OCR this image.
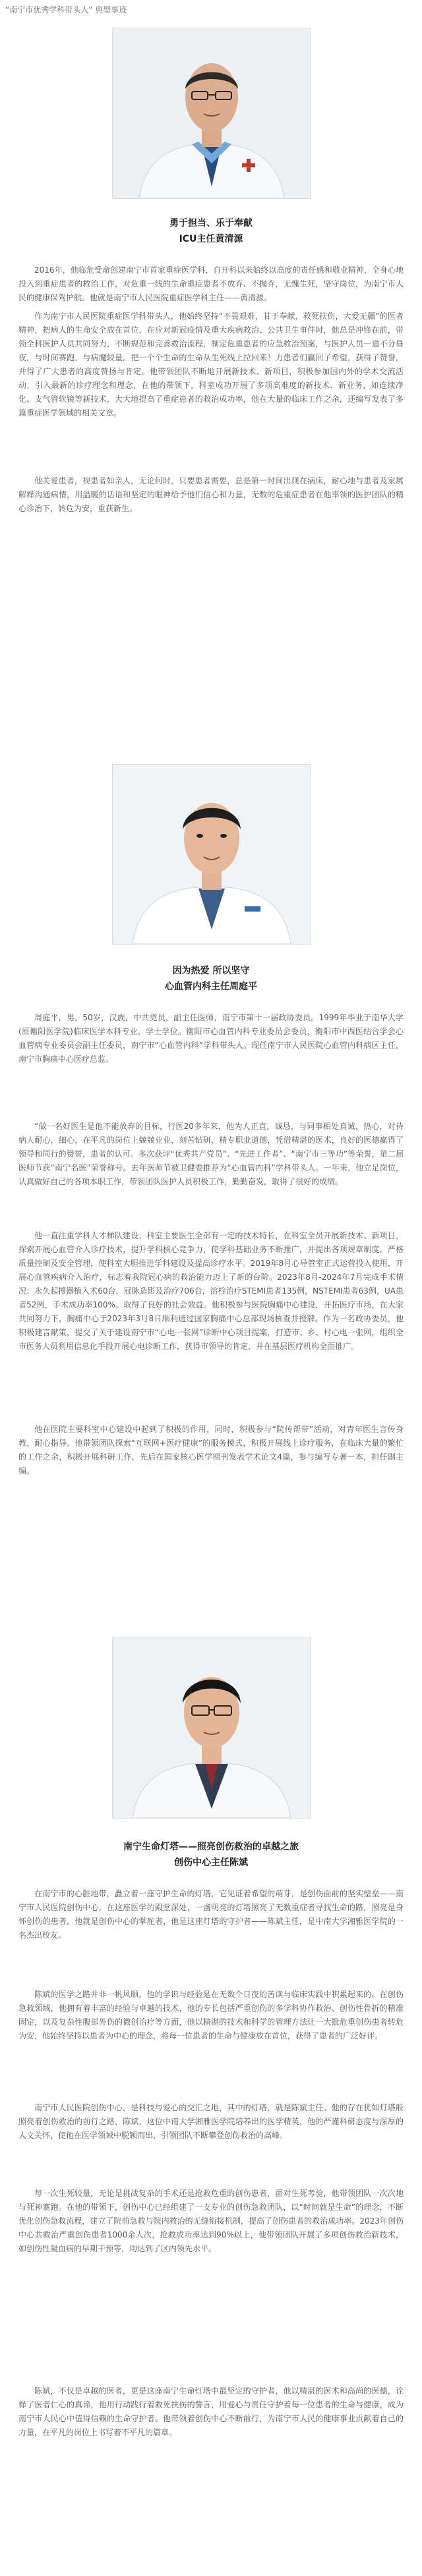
“南宁市优秀学科带头人” 典型事迹
勇于担当、乐于奉献
ICU主任黄清源
2016年，他临危受命创建南宁市首家重症医学科，自开科以来始终以高度的责任感和敬业精神，全身心地投入到重症患者的救治工作，对危重一线的生命重症患者不放弃、不抛弃，无愧生死，坚守岗位，为南宁市人民的健康保驾护航。他就是南宁市人民医院重症医学科主任——黄清源。
作为南宁市人民医院重症医学科带头人，他始终坚持“不畏艰难，甘于奉献，救死扶伤，大爱无疆”的医者精神，把病人的生命安全放在首位，在应对新冠疫情及重大疾病救治、公共卫生事件时，他总是冲锋在前，带领全科医护人员共同努力，不断规范和完善救治流程，制定危重患者的应急救治预案，与医护人员一道不分昼夜，与时间赛跑，与病魔较量。把一个个生命的生命从生死线上拉回来！力患者们赢回了希望，获得了赞誉，并得了广大患者的高度赞扬与肯定。他带领团队不断地开展新技术、新项目，积极参加国内外的学术交流活动，引入最新的诊疗理念和理念，在他的带领下，科室成功开展了多项高难度的新技术、新业务，如连续净化、支气管软镜等新技术，大大地提高了重症患者的救治成功率，他在大量的临床工作之余，还编写发表了多篇重症医学领域的相关文章。
他关爱患者，视患者如亲人，无论何时，只要患者需要，总是第一时间出现在病床，耐心地与患者及家属解释沟通病情，用温暖的话语和坚定的眼神给予他们信心和力量，无数的危重症患者在他率领的医护团队的精心诊治下，转危为安，重获新生。
因为热爱 所以坚守
心血管内科主任周庭平
周庭平，男，50岁，汉族，中共党员，副主任医师，南宁市第十一届政协委员。1999年毕业于南华大学(原衡阳医学院)临床医学本科专业，学士学位。衡阳市心血管内科专业委员会委员，衡阳市中西医结合学会心血管病专业委员会副主任委员，南宁市“心血管内科”学科带头人。现任南宁市人民医院心血管内科病区主任，南宁市胸痛中心医疗总监。
“做一名好医生是他不能放弃的目标，行医20多年来，他为人正直，诚恳，与同事相处真诚，热心，对待病人耐心，细心，在平凡的岗位上兢兢业业，刻苦钻研，精专职业道德，凭借精湛的医术，良好的医德赢得了领导和同行的赞誉，患者的认可。多次获评“优秀共产党员”、“先进工作者”、“南宁市三等功”等荣誉，第二届医师节获“南宁名医”荣誉称号。去年医师节被卫健委推荐为“心血管内科”学科带头人。一年来，他立足岗位，认真做好自己的各项本职工作，带领团队医护人员积极工作，勤勤奋发，取得了很好的成绩。
他一直注重学科人才梯队建设，科室主要医生全部有一定的技术特长，在科室全员开展新技术、新项目，探索开展心血管介入诊疗技术，提升学科核心竞争力，使学科基础业务不断推广，并提出各项规章制度，严格质量控制及安全管理，使科室大胆推进学科建设及提高诊疗水平。2019年8月心导管室正式运营投入使用，开展心血管疾病介入治疗，标志着我院冠心病的救治能力迈上了新的台阶。2023年8月-2024年7月完成手术情况：永久起搏器植入术60台，冠脉造影及治疗706台，溶栓治疗STEMI患者135例，NSTEMI患者63例，UA患者52例，手术成功率100%。取得了良好的社会效益。他积极参与医院胸痛中心建设，开拓医疗市场，在大家共同努力下，胸痛中心于2023年3月8日顺利通过国家胸痛中心总部现场核查并授牌。作为一名政协委员，他积极建言献策，提交了关于建设南宁市“心电一张网”诊断中心项目提案，打造市、乡、村心电一张网，组织全市医务人员利用信息化手段开展心电诊断工作，获得市领导的肯定，并在基层医疗机构全面推广。
他在医院主要科室中心建设中起到了积极的作用，同时，积极参与“院传帮带”活动，对青年医生言传身教，耐心指导。他带领团队探索“互联网+医疗健康”的服务模式，积极开展线上诊疗服务，在临床大量的繁忙的工作之余，积极开展科研工作，先后在国家核心医学期刊发表学术论文4篇，参与编写专著一本，担任副主编。
南宁生命灯塔——照亮创伤救治的卓越之旅
创伤中心主任陈斌
在南宁市的心脏地带，矗立着一座守护生命的灯塔，它见证着希望的萌芽，是创伤面前的坚实壁垒——南宁市人民医院创伤中心。在这座医学的殿堂深处，一盏明亮的灯塔照亮了无数重症者寻找生命的路，照亮是身怀创伤的患者，他就是创伤中心的掌舵者，他是这座灯塔的守护者——陈斌主任，是中南大学湘雅医学院的一名杰出校友。
陈斌的医学之路并非一帆风顺，他的学识与经验是在无数个日夜的苦读与临床实践中积累起来的。在创伤急救领域，他拥有着丰富的经验与卓越的技术，他的专长包括严重创伤的多学科协作救治、创伤性骨折的精准固定，以及复杂性腹部外伤的微创治疗等方面，他以精湛的技术和科学的管理方法让一大批危重创伤患者转危为安，他始终坚持以患者为中心的理念，将每一位患者的生命与健康放在首位，获得了患者的广泛好评。
南宁市人民医院创伤中心，是科技与爱心的交汇之地，其中的灯塔，就是陈斌主任。他的存在犹如灯塔般照亮着创伤救治的前行之路，陈斌，这位中南大学湘雅医学院培养出的医学精英，他的严谨科研态度与深厚的人文关怀，使他在医学领域中脱颖而出，引领团队不断攀登创伤救治的高峰。
每一次生死较量，无论是挑战复杂的手术还是抢救危重的创伤患者，面对生死考验，他带领团队一次次地与死神赛跑。在他的带领下，创伤中心已经组建了一支专业的创伤急救团队，以“时间就是生命”的理念，不断优化创伤急救流程，建立了院前急救与院内救治的无缝衔接机制，提高了创伤患者的救治成功率。2023年创伤中心共救治严重创伤患者1000余人次，抢救成功率达到90%以上，他带领团队开展了多项创伤救治新技术，如创伤性凝血病的早期干预等，均达到了区内领先水平。
陈斌，不仅是卓越的医者，更是这座南宁生命灯塔中最坚定的守护者，他以精湛的医术和高尚的医德，诠释了医者仁心的真谛，他用行动践行着救死扶伤的誓言，用爱心与责任守护着每一位患者的生命与健康，成为南宁市人民心中值得信赖的生命守护者。他带领着创伤中心不断前行，为南宁市人民的健康事业贡献着自己的力量，在平凡的岗位上书写着不平凡的篇章。
